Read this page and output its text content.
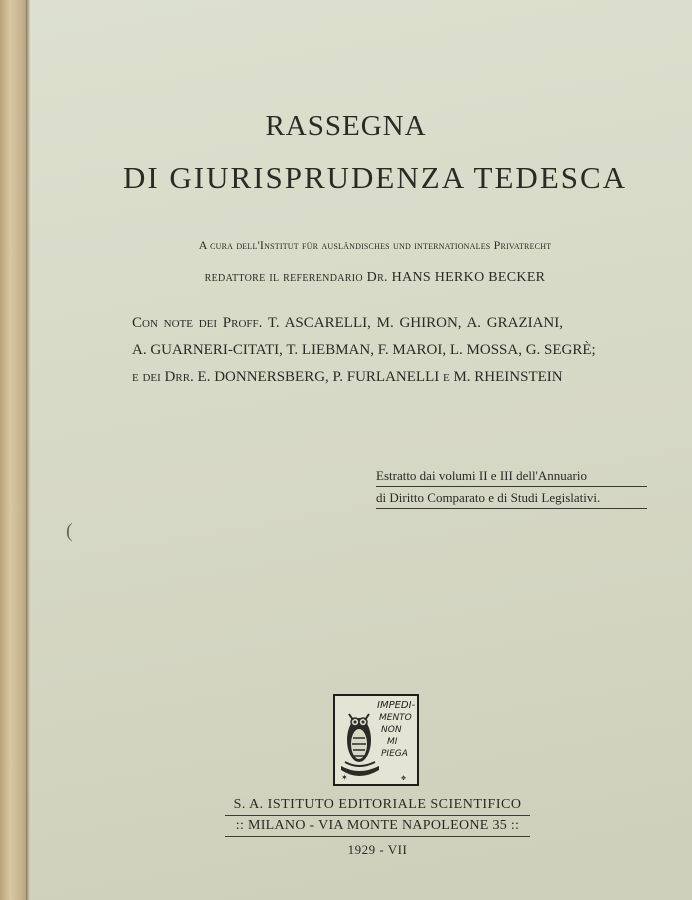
RASSEGNA
DI GIURISPRUDENZA TEDESCA
A cura dell'Institut für ausländisches und internationales Privatrecht
redattore il referendario Dr. HANS HERKO BECKER
Con note dei Proff. T. ASCARELLI, M. GHIRON, A. GRAZIANI,
A. GUARNERI-CITATI, T. LIEBMAN, F. MAROI, L. MOSSA, G. SEGRÈ;
e dei Drr. E. DONNERSBERG, P. FURLANELLI e M. RHEINSTEIN
Estratto dai volumi II e III dell'Annuario
di Diritto Comparato e di Studi Legislativi.
(
IMPEDI-
MENTO
NON
MI
PIEGA
✶	✥
S. A. ISTITUTO EDITORIALE SCIENTIFICO
:: MILANO - VIA MONTE NAPOLEONE 35 ::
1929 - VII
